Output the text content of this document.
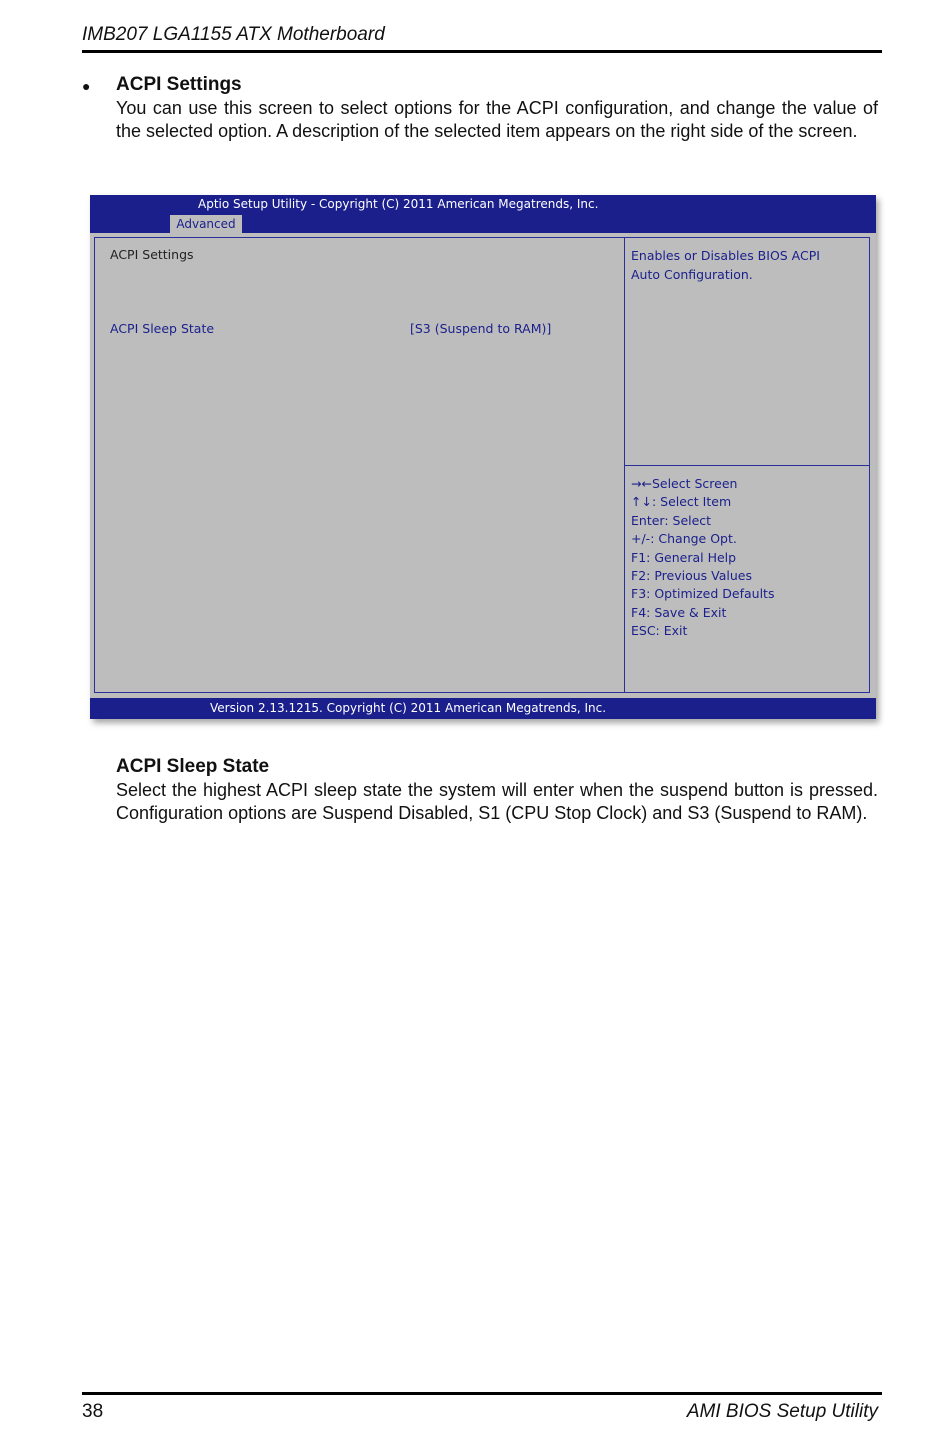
IMB207 LGA1155 ATX Motherboard
● ACPI Settings
You can use this screen to select options for the ACPI configuration, and change the value of the selected option. A description of the selected item appears on the right side of the screen.
Aptio Setup Utility - Copyright (C) 2011 American Megatrends, Inc.
Advanced
ACPI Settings
ACPI Sleep State	[S3 (Suspend to RAM)]
Enables or Disables BIOS ACPI
Auto Configuration.
→←Select Screen
↑↓: Select Item
Enter: Select
+/-: Change Opt.
F1: General Help
F2: Previous Values
F3: Optimized Defaults
F4: Save & Exit
ESC: Exit
Version 2.13.1215. Copyright (C) 2011 American Megatrends, Inc.
ACPI Sleep State
Select the highest ACPI sleep state the system will enter when the suspend button is pressed. Configuration options are Suspend Disabled, S1 (CPU Stop Clock) and S3 (Suspend to RAM).
38	AMI BIOS Setup Utility
